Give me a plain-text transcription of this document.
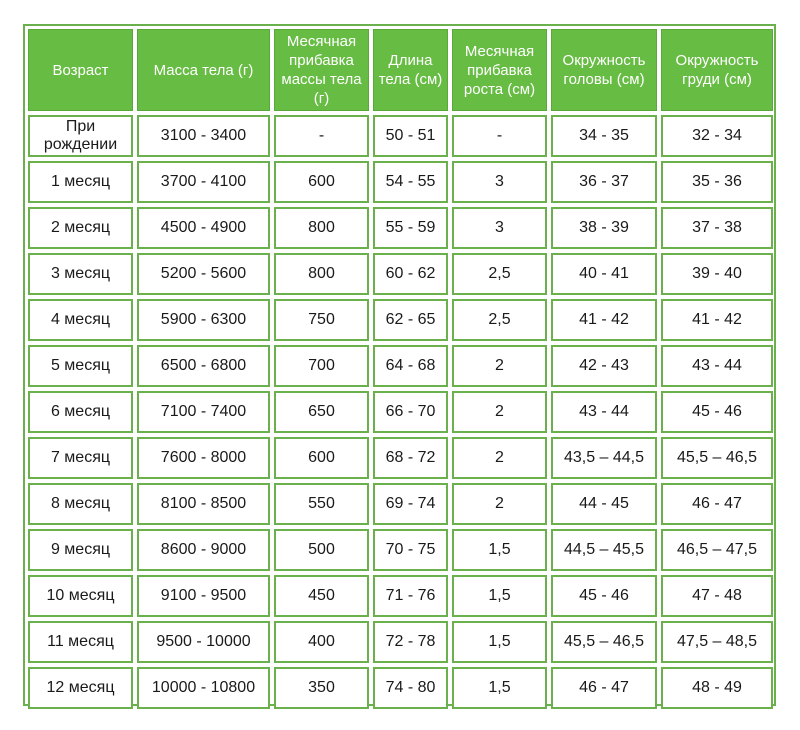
Возраст	Масса тела (г)	Месячная прибавка массы тела (г)	Длина тела (см)	Месячная прибавка роста (см)	Окружность головы (см)	Окружность груди (см)
При рождении	3100 - 3400	-	50 - 51	-	34 - 35	32 - 34
1 месяц	3700 - 4100	600	54 - 55	3	36 - 37	35 - 36
2 месяц	4500 - 4900	800	55 - 59	3	38 - 39	37 - 38
3 месяц	5200 - 5600	800	60 - 62	2,5	40 - 41	39 - 40
4 месяц	5900 - 6300	750	62 - 65	2,5	41 - 42	41 - 42
5 месяц	6500 - 6800	700	64 - 68	2	42 - 43	43 - 44
6 месяц	7100 - 7400	650	66 - 70	2	43 - 44	45 - 46
7 месяц	7600 - 8000	600	68 - 72	2	43,5 – 44,5	45,5 – 46,5
8 месяц	8100 - 8500	550	69 - 74	2	44 - 45	46 - 47
9 месяц	8600 - 9000	500	70 - 75	1,5	44,5 – 45,5	46,5 – 47,5
10 месяц	9100 - 9500	450	71 - 76	1,5	45 - 46	47 - 48
11 месяц	9500 - 10000	400	72 - 78	1,5	45,5 – 46,5	47,5 – 48,5
12 месяц	10000 - 10800	350	74 - 80	1,5	46 - 47	48 - 49
